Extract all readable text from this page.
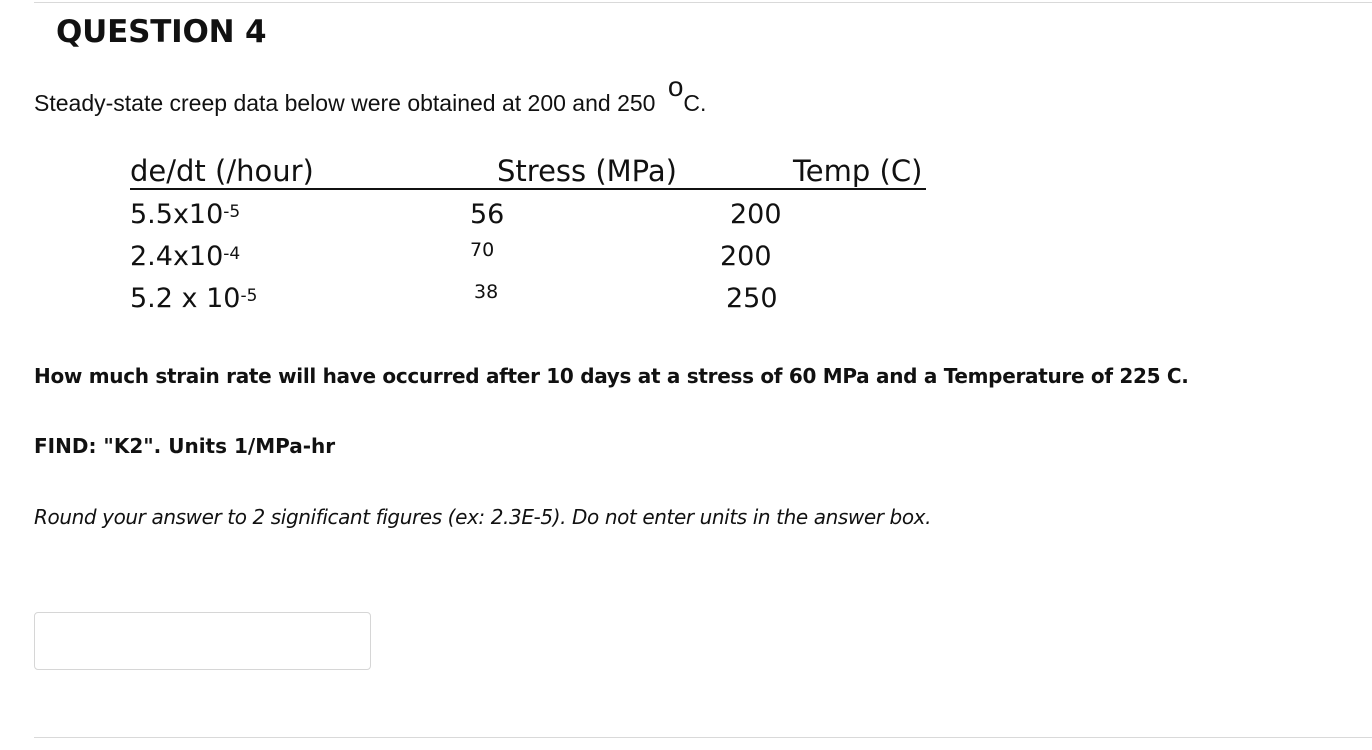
QUESTION 4
Steady-state creep data below were obtained at 200 and 250 oC.
de/dt (/hour)	Stress (MPa)	Temp (C)
$5.5x10^{-5}$	56	200
$2.4x10^{-4}$	70	200
5.2 x $10^{-5}$	38	250
How much strain rate will have occurred after 10 days at a stress of 60 MPa and a Temperature of 225 C.
FIND: "K2". Units 1/MPa-hr
Round your answer to 2 significant figures (ex: 2.3E-5). Do not enter units in the answer box.
